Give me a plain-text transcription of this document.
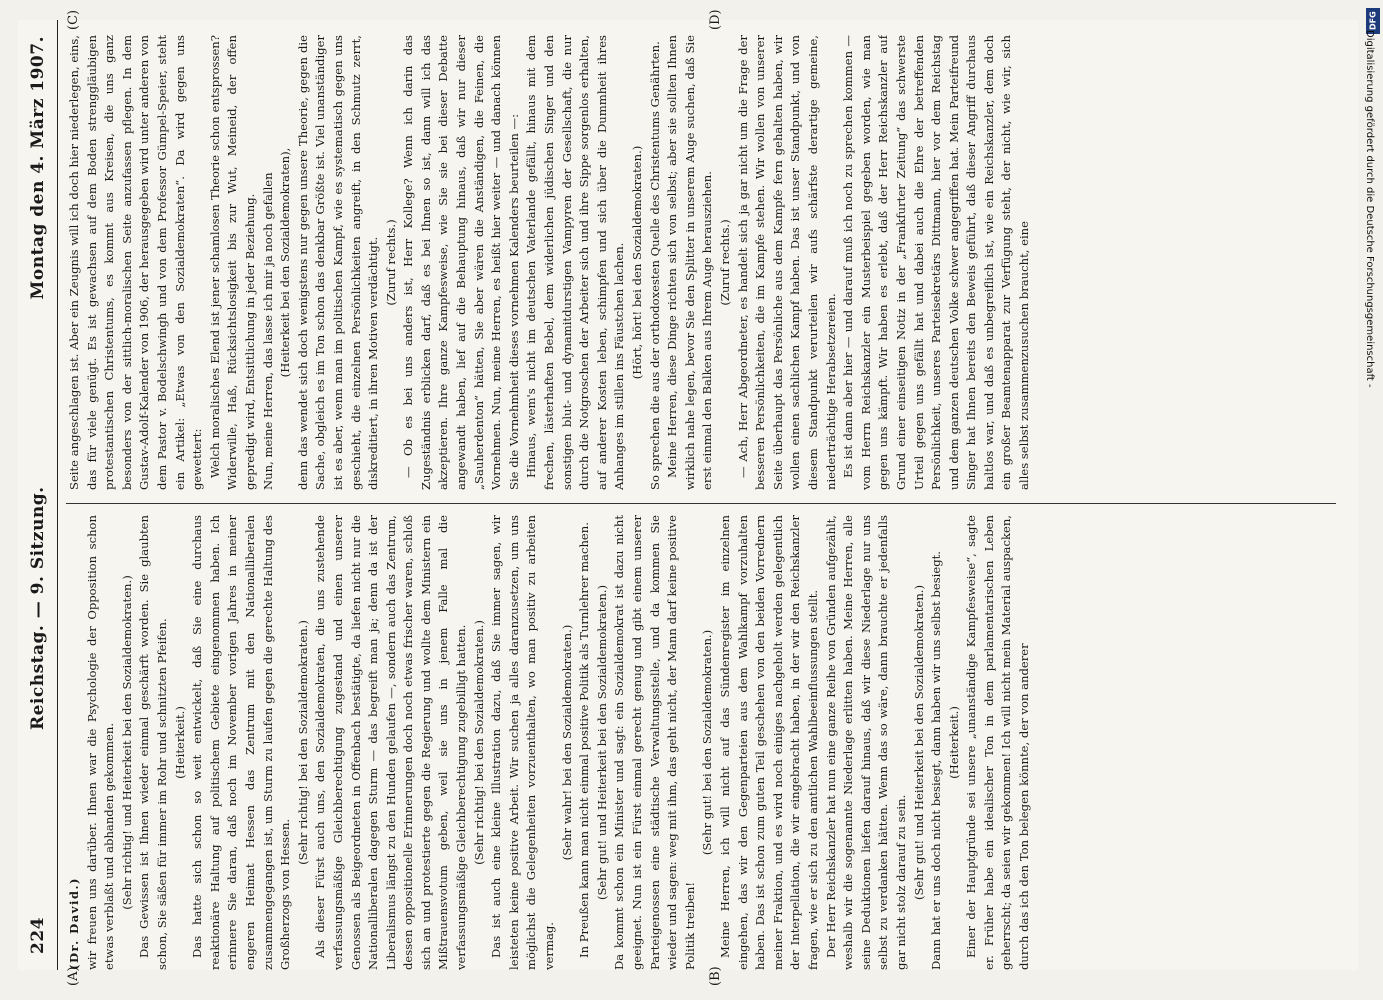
224
Reichstag. — 9. Sitzung.
Montag den 4. März 1907.
(A)	(B)
(C)	(D)

(Dr. David.) wir freuen uns darüber. Ihnen war die Psychologie der Opposition schon etwas verblaßt und abhanden gekommen. (Sehr richtig! und Heiterkeit bei den Sozialdemokraten.) Das Gewissen ist Ihnen wieder einmal geschärft worden. Sie glaubten schon, Sie säßen für immer im Rohr und schnitzten Pfeifen. (Heiterkeit.) Das hatte sich schon so weit entwickelt, daß Sie eine durchaus reaktionäre Haltung auf politischem Gebiete eingenommen haben. Ich erinnere Sie daran, daß noch im November vorigen Jahres in meiner engeren Heimat Hessen das Zentrum mit den Nationalliberalen zusammengegangen ist, um Sturm zu laufen gegen die gerechte Haltung des Großherzogs von Hessen.

(Sehr richtig! bei den Sozialdemokraten.) Als dieser Fürst auch uns, den Sozialdemokraten, die uns zustehende verfassungsmäßige Gleichberechtigung zugestand und einen unserer Genossen als Beigeordneten in Offenbach bestätigte, da liefen nicht nur die Nationalliberalen dagegen Sturm — das begreift man ja; denn da ist der Liberalismus längst zu den Hunden gelaufen —, sondern auch das Zentrum, dessen oppositionelle Erinnerungen doch noch etwas frischer waren, schloß sich an und protestierte gegen die Regierung und wollte dem Ministern ein Mißtrauensvotum geben, weil sie uns in jenem Falle mal die verfassungsmäßige Gleichberechtigung zugebilligt hatten. (Sehr richtig! bei den Sozialdemokraten.) Das ist auch eine kleine Illustration dazu, daß Sie immer sagen, wir leisteten keine positive Arbeit. Wir suchen ja alles daranzusetzen, um uns möglichst die Gelegenheiten vorzuenthalten, wo man positiv zu arbeiten vermag.

(Sehr wahr! bei den Sozialdemokraten.) In Preußen kann man nicht einmal positive Politik als Turnlehrer machen. (Sehr gut! und Heiterkeit bei den Sozialdemokraten.) Da kommt schon ein Minister und sagt: ein Sozialdemokrat ist dazu nicht geeignet. Nun ist ein Fürst einmal gerecht genug und gibt einem unserer Parteigenossen eine städtische Verwaltungsstelle, und da kommen Sie wieder und sagen: weg mit ihm, das geht nicht, der Mann darf keine positive Politik treiben!

(Sehr gut! bei den Sozialdemokraten.) Meine Herren, ich will nicht auf das Sündenregister im einzelnen eingehen, das wir den Gegenparteien aus dem Wahlkampf vorzuhalten haben. Das ist schon zum guten Teil geschehen von den beiden Vorrednern meiner Fraktion, und es wird noch einiges nachgeholt werden gelegentlich der Interpellation, die wir eingebracht haben, in der wir den Reichskanzler fragen, wie er sich zu den amtlichen Wahlbeeinflussungen stellt. Der Herr Reichskanzler hat nun eine ganze Reihe von Gründen aufgezählt, weshalb wir die sogenannte Niederlage erlitten haben. Meine Herren, alle seine Deduktionen liefen darauf hinaus, daß wir diese Niederlage nur uns selbst zu verdanken hätten. Wenn das so wäre, dann brauchte er jedenfalls gar nicht stolz darauf zu sein. (Sehr gut! und Heiterkeit bei den Sozialdemokraten.) Dann hat er uns doch nicht besiegt, dann haben wir uns selbst besiegt. (Heiterkeit.) Einer der Hauptgründe sei unsere „unanständige Kampfesweise“, sagte er. Früher habe ein idealischer Ton in dem parlamentarischen Leben geherrscht; da seien wir gekommen! Ich will nicht mein Material auspacken, durch das ich den Ton belegen könnte, der von anderer

Seite angeschlagen ist. Aber ein Zeugnis will ich doch hier niederlegen, eins, das für viele genügt. Es ist gewachsen auf dem Boden strenggläubigen protestantischen Christentums, es kommt aus Kreisen, die uns ganz besonders von der sittlich-moralischen Seite anzufassen pflegen. In dem Gustav-Adolf-Kalender von 1906, der herausgegeben wird unter anderen von dem Pastor v. Bodelschwingh und von dem Professor Gümpel-Speier, steht ein Artikel: „Etwas von den Sozialdemokraten“. Da wird gegen uns gewettert: Welch moralisches Elend ist jener schamlosen Theorie schon entsprossen? Widerwille, Haß, Rücksichtslosigkeit bis zur Wut, Meineid, der offen gepredigt wird, Entsittlichung in jeder Beziehung. Nun, meine Herren, das lasse ich mir ja noch gefallen (Heiterkeit bei den Sozialdemokraten), denn das wendet sich doch wenigstens nur gegen unsere Theorie, gegen die Sache, obgleich es im Ton schon das denkbar Größte ist. Viel unanständiger ist es aber, wenn man im politischen Kampf, wie es systematisch gegen uns geschieht, die einzelnen Persönlichkeiten angreift, in den Schmutz zerrt, diskreditiert, in ihren Motiven verdächtigt. (Zuruf rechts.) — Ob es bei uns anders ist, Herr Kollege? Wenn ich darin das Zugeständnis erblicken darf, daß es bei Ihnen so ist, dann will ich das akzeptieren. Ihre ganze Kampfesweise, wie Sie sie bei dieser Debatte angewandt haben, lief auf die Behauptung hinaus, daß wir nur dieser „Sauherdenton“ hätten, Sie aber wären die Anständigen, die Feinen, die Vornehmen. Nun, meine Herren, es heißt hier weiter — und danach können Sie die Vornehmheit dieses vornehmen Kalenders beurteilen —: Hinaus, wem's nicht im deutschen Vaterlande gefällt, hinaus mit dem frechen, lästerhaften Bebel, dem widerlichen jüdischen Singer und den sonstigen blut- und dynamitdurstigen Vampyren der Gesellschaft, die nur durch die Notgroschen der Arbeiter sich und ihre Sippe sorgenlos erhalten, auf anderer Kosten leben, schimpfen und sich über die Dummheit ihres Anhanges im stillen ins Fäustchen lachen. (Hört, hört! bei den Sozialdemokraten.) So sprechen die aus der orthodoxesten Quelle des Christentums Genährten. Meine Herren, diese Dinge richten sich von selbst; aber sie sollten Ihnen wirklich nahe legen, bevor Sie den Splitter in unserem Auge suchen, daß Sie erst einmal den Balken aus Ihrem Auge herausziehen. (Zuruf rechts.) — Ach, Herr Abgeordneter, es handelt sich ja gar nicht um die Frage der besseren Persönlichkeiten, die im Kampfe stehen. Wir wollen von unserer Seite überhaupt das Persönliche aus dem Kampfe fern gehalten haben, wir wollen einen sachlichen Kampf haben. Das ist unser Standpunkt, und von diesem Standpunkt verurteilen wir aufs schärfste derartige gemeine, niederträchtige Herabsetzereien. Es ist dann aber hier — und darauf muß ich noch zu sprechen kommen — vom Herrn Reichskanzler ein Musterbeispiel gegeben worden, wie man gegen uns kämpft. Wir haben es erlebt, daß der Herr Reichskanzler auf Grund einer einseitigen Notiz in der „Frankfurter Zeitung“ das schwerste Urteil gegen uns gefällt hat und dabei auch die Ehre der betreffenden Persönlichkeit, unseres Parteisekretärs Dittmann, hier vor dem Reichstag und dem ganzen deutschen Volke schwer angegriffen hat. Mein Parteifreund Singer hat Ihnen bereits den Beweis geführt, daß dieser Angriff durchaus haltlos war, und daß es unbegreiflich ist, wie ein Reichskanzler, dem doch ein großer Beamtenapparat zur Verfügung steht, der nicht, wie wir, sich alles selbst zusammenzusuchen braucht, eine

DFG
Digitalisierung gefördert durch die Deutsche Forschungsgemeinschaft -
